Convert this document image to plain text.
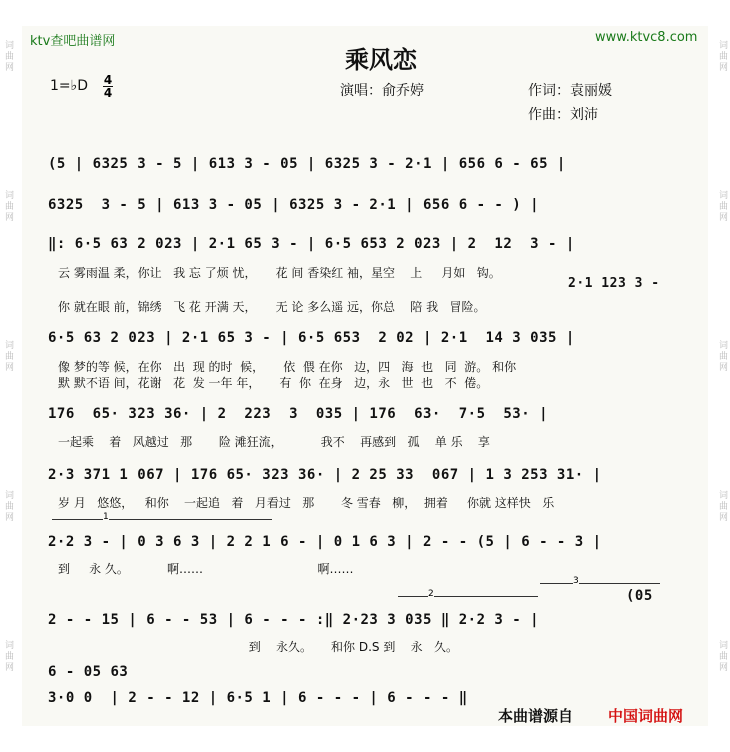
词曲网
词曲网
词曲网
词曲网
词曲网
词曲网
词曲网
词曲网
词曲网
词曲网
ktv查吧曲谱网	www.ktvc8.com
乘风恋
1=♭D 4
4	演唱：俞乔婷	作词：袁丽媛
作曲：刘沛
(5 | 6325 3 - 5 | 613 3 - 05 | 6325 3 - 2·1 | 656 6 - 65 |
6325  3 - 5 | 613 3 - 05 | 6325 3 - 2·1 | 656 6 - - ) |
‖: 6·5 63 2 023 | 2·1 65 3 - | 6·5 653 2 023 | 2  12  3 - |
云 雾雨温 柔，你让   我 忘 了烦 忧，     花 间 香染红 袖，星空    上     月如   钩。
2·1 123 3 -
你 就在眼 前，锦绣   飞 花 开满 天，     无 论 多么遥 远，你总    陪 我   冒险。
6·5 63 2 023 | 2·1 65 3 - | 6·5 653  2 02 | 2·1  14 3 035 |
像 梦的等 候，在你   出  现 的时  候，     依  偎 在你   边，四   海  也   同  游。 和你
默 默不语 间，花谢   花  发 一年 年，     有  你  在身   边，永   世  也   不  倦。
176  65· 323 36· | 2  223  3  035 | 176  63·  7·5  53· |
一起乘    着   风越过   那       险 滩狂流，          我不    再感到   孤    单 乐    享
2·3 371 1 067 | 176 65· 323 36· | 2 25 33  067 | 1 3 253 31· |
岁 月   悠悠，   和你    一起追   着   月看过   那       冬 雪春   柳，  拥着     你就 这样快   乐
1
2·2 3 - | 0 3 6 3 | 2 2 1 6 - | 0 1 6 3 | 2 - - (5 | 6 - - 3 |
到     永 久。          啊……                              啊……
2
3
(05
2 - - 15 | 6 - - 53 | 6 - - - :‖ 2·23 3 035 ‖ 2·2 3 - |
到    永久。     和你 D.S 到    永   久。
6 - 05 63
3·0 0  | 2 - - 12 | 6·5 1 | 6 - - - | 6 - - - ‖
本曲谱源自 中国词曲网
